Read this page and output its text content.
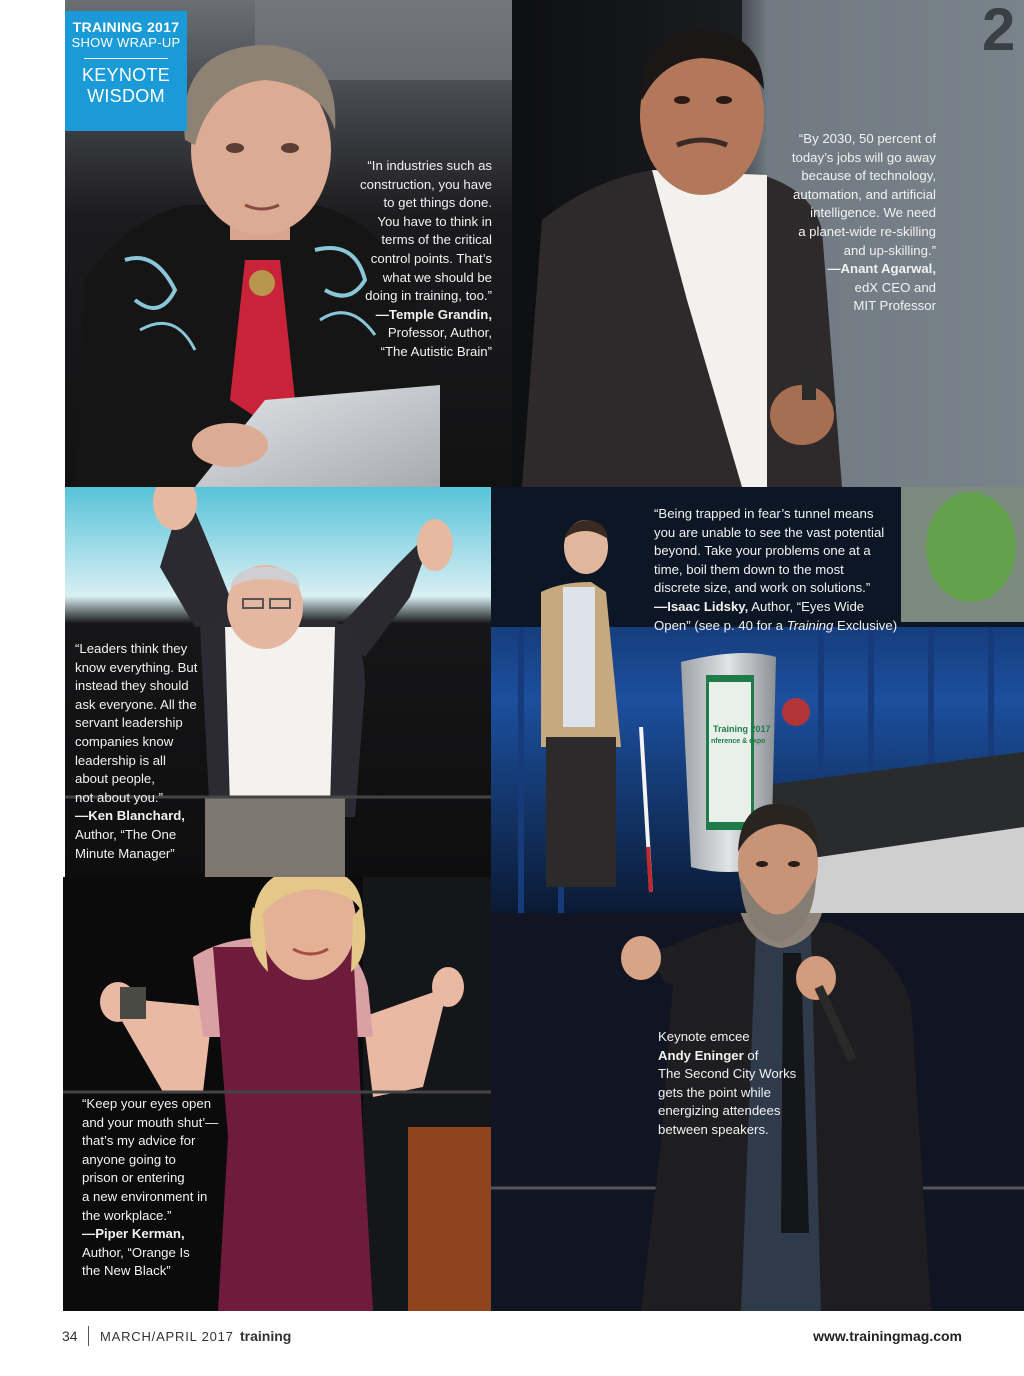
TRAINING 2017
SHOW WRAP-UP
KEYNOTE
WISDOM
“In industries such as
construction, you have
to get things done.
You have to think in
terms of the critical
control points. That’s
what we should be
doing in training, too.”
—Temple Grandin,
Professor, Author,
“The Autistic Brain”
2
“By 2030, 50 percent of
today’s jobs will go away
because of technology,
automation, and artificial
intelligence. We need
a planet-wide re-skilling
and up-skilling.”
—Anant Agarwal,
edX CEO and
MIT Professor
“Leaders think they
know everything. But
instead they should
ask everyone. All the
servant leadership
companies know
leadership is all
about people,
not about you.”
—Ken Blanchard,
Author, “The One
Minute Manager”
Training 2017
nference & expo
“Being trapped in fear’s tunnel means
you are unable to see the vast potential
beyond. Take your problems one at a
time, boil them down to the most
discrete size, and work on solutions.”
—Isaac Lidsky, Author, “Eyes Wide
Open” (see p. 40 for a Training Exclusive)
“Keep your eyes open
and your mouth shut’—
that’s my advice for
anyone going to
prison or entering
a new environment in
the workplace.”
—Piper Kerman,
Author, “Orange Is
the New Black”
Keynote emcee
Andy Eninger of
The Second City Works
gets the point while
energizing attendees
between speakers.
34 MARCH/APRIL 2017 training	www.trainingmag.com
